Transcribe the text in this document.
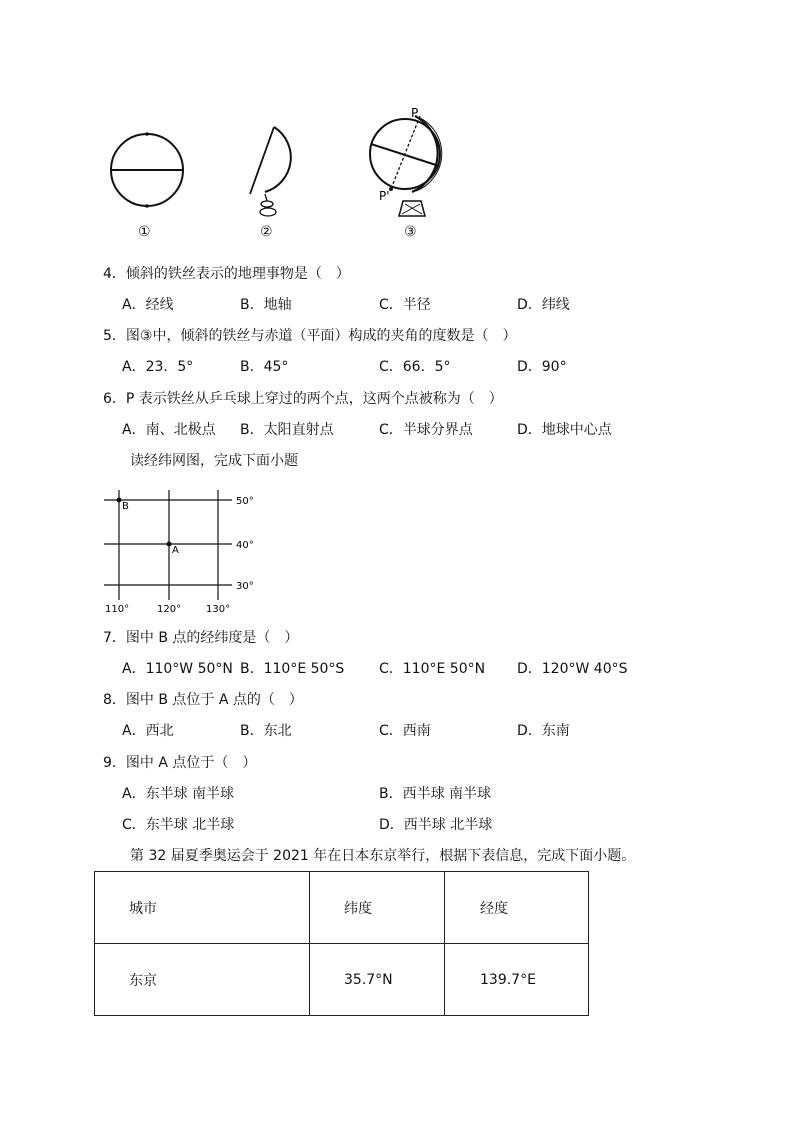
①	②
P
P'
③
4．倾斜的铁丝表示的地理事物是（　）
A．经线	B．地轴	C．半径	D．纬线
5．图③中，倾斜的铁丝与赤道（平面）构成的夹角的度数是（　）
A．23．5°	B．45°	C．66．5°	D．90°
6．P 表示铁丝从乒乓球上穿过的两个点，这两个点被称为（　）
A．南、北极点 B．太阳直射点	C．半球分界点	D．地球中心点
读经纬网图，完成下面小题
B
A
50°
40°
30°
110°	120° 130°
7．图中 B 点的经纬度是（　）
A．110°W 50°N B．110°E 50°S C．110°E 50°N D．120°W 40°S
8．图中 B 点位于 A 点的（　）
A．西北	B．东北	C．西南	D．东南
9．图中 A 点位于（　）
A．东半球 南半球	B．西半球 南半球
C．东半球 北半球	D．西半球 北半球
第 32 届夏季奥运会于 2021 年在日本东京举行，根据下表信息，完成下面小题。
城市	纬度	经度
东京	35.7°N	139.7°E
